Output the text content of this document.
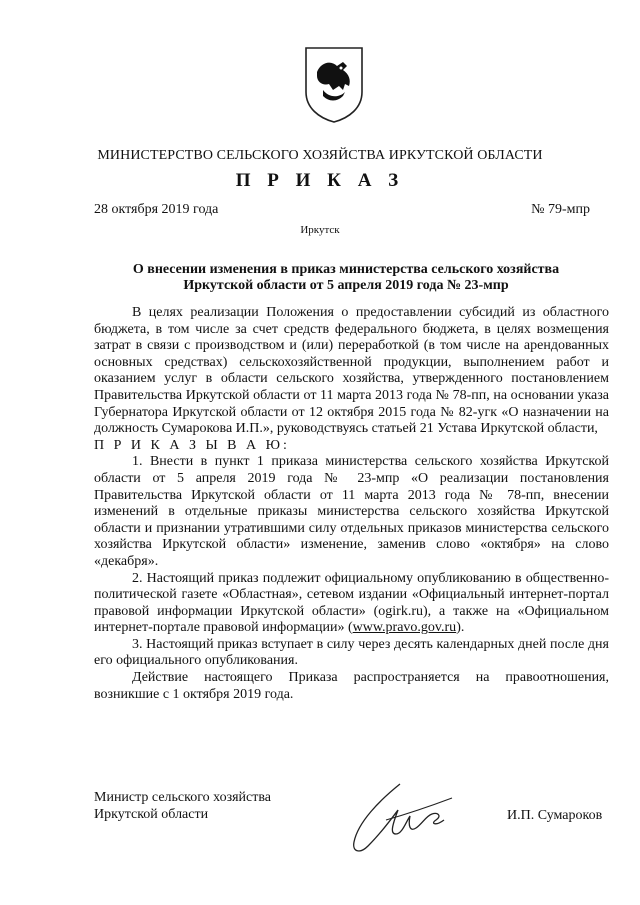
МИНИСТЕРСТВО СЕЛЬСКОГО ХОЗЯЙСТВА ИРКУТСКОЙ ОБЛАСТИ
П Р И К А З
28 октября 2019 года	№ 79-мпр
Иркутск
О внесении изменения в приказ министерства сельского хозяйства
Иркутской области от 5 апреля 2019 года № 23-мпр

В целях реализации Положения о предоставлении субсидий из областного бюджета, в том числе за счет средств федерального бюджета, в целях возмещения затрат в связи с производством и (или) переработкой (в том числе на арендованных основных средствах) сельскохозяйственной продукции, выполнением работ и оказанием услуг в области сельского хозяйства, утвержденного постановлением Правительства Иркутской области от 11 марта 2013 года № 78-пп, на основании указа Губернатора Иркутской области от 12 октября 2015 года № 82-угк «О назначении на должность Сумарокова И.П.», руководствуясь статьей 21 Устава Иркутской области,

П Р И К А З Ы В А Ю:

1. Внести в пункт 1 приказа министерства сельского хозяйства Иркутской области от 5 апреля 2019 года № 23-мпр «О реализации постановления Правительства Иркутской области от 11 марта 2013 года № 78-пп, внесении изменений в отдельные приказы министерства сельского хозяйства Иркутской области и признании утратившими силу отдельных приказов министерства сельского хозяйства Иркутской области» изменение, заменив слово «октября» на слово «декабря».

2. Настоящий приказ подлежит официальному опубликованию в общественно-политической газете «Областная», сетевом издании «Официальный интернет-портал правовой информации Иркутской области» (ogirk.ru), а также на «Официальном интернет-портале правовой информации» (www.pravo.gov.ru).

3. Настоящий приказ вступает в силу через десять календарных дней после дня его официального опубликования.

Действие настоящего Приказа распространяется на правоотношения, возникшие с 1 октября 2019 года.

Министр сельского хозяйства
Иркутской области	И.П. Сумароков
